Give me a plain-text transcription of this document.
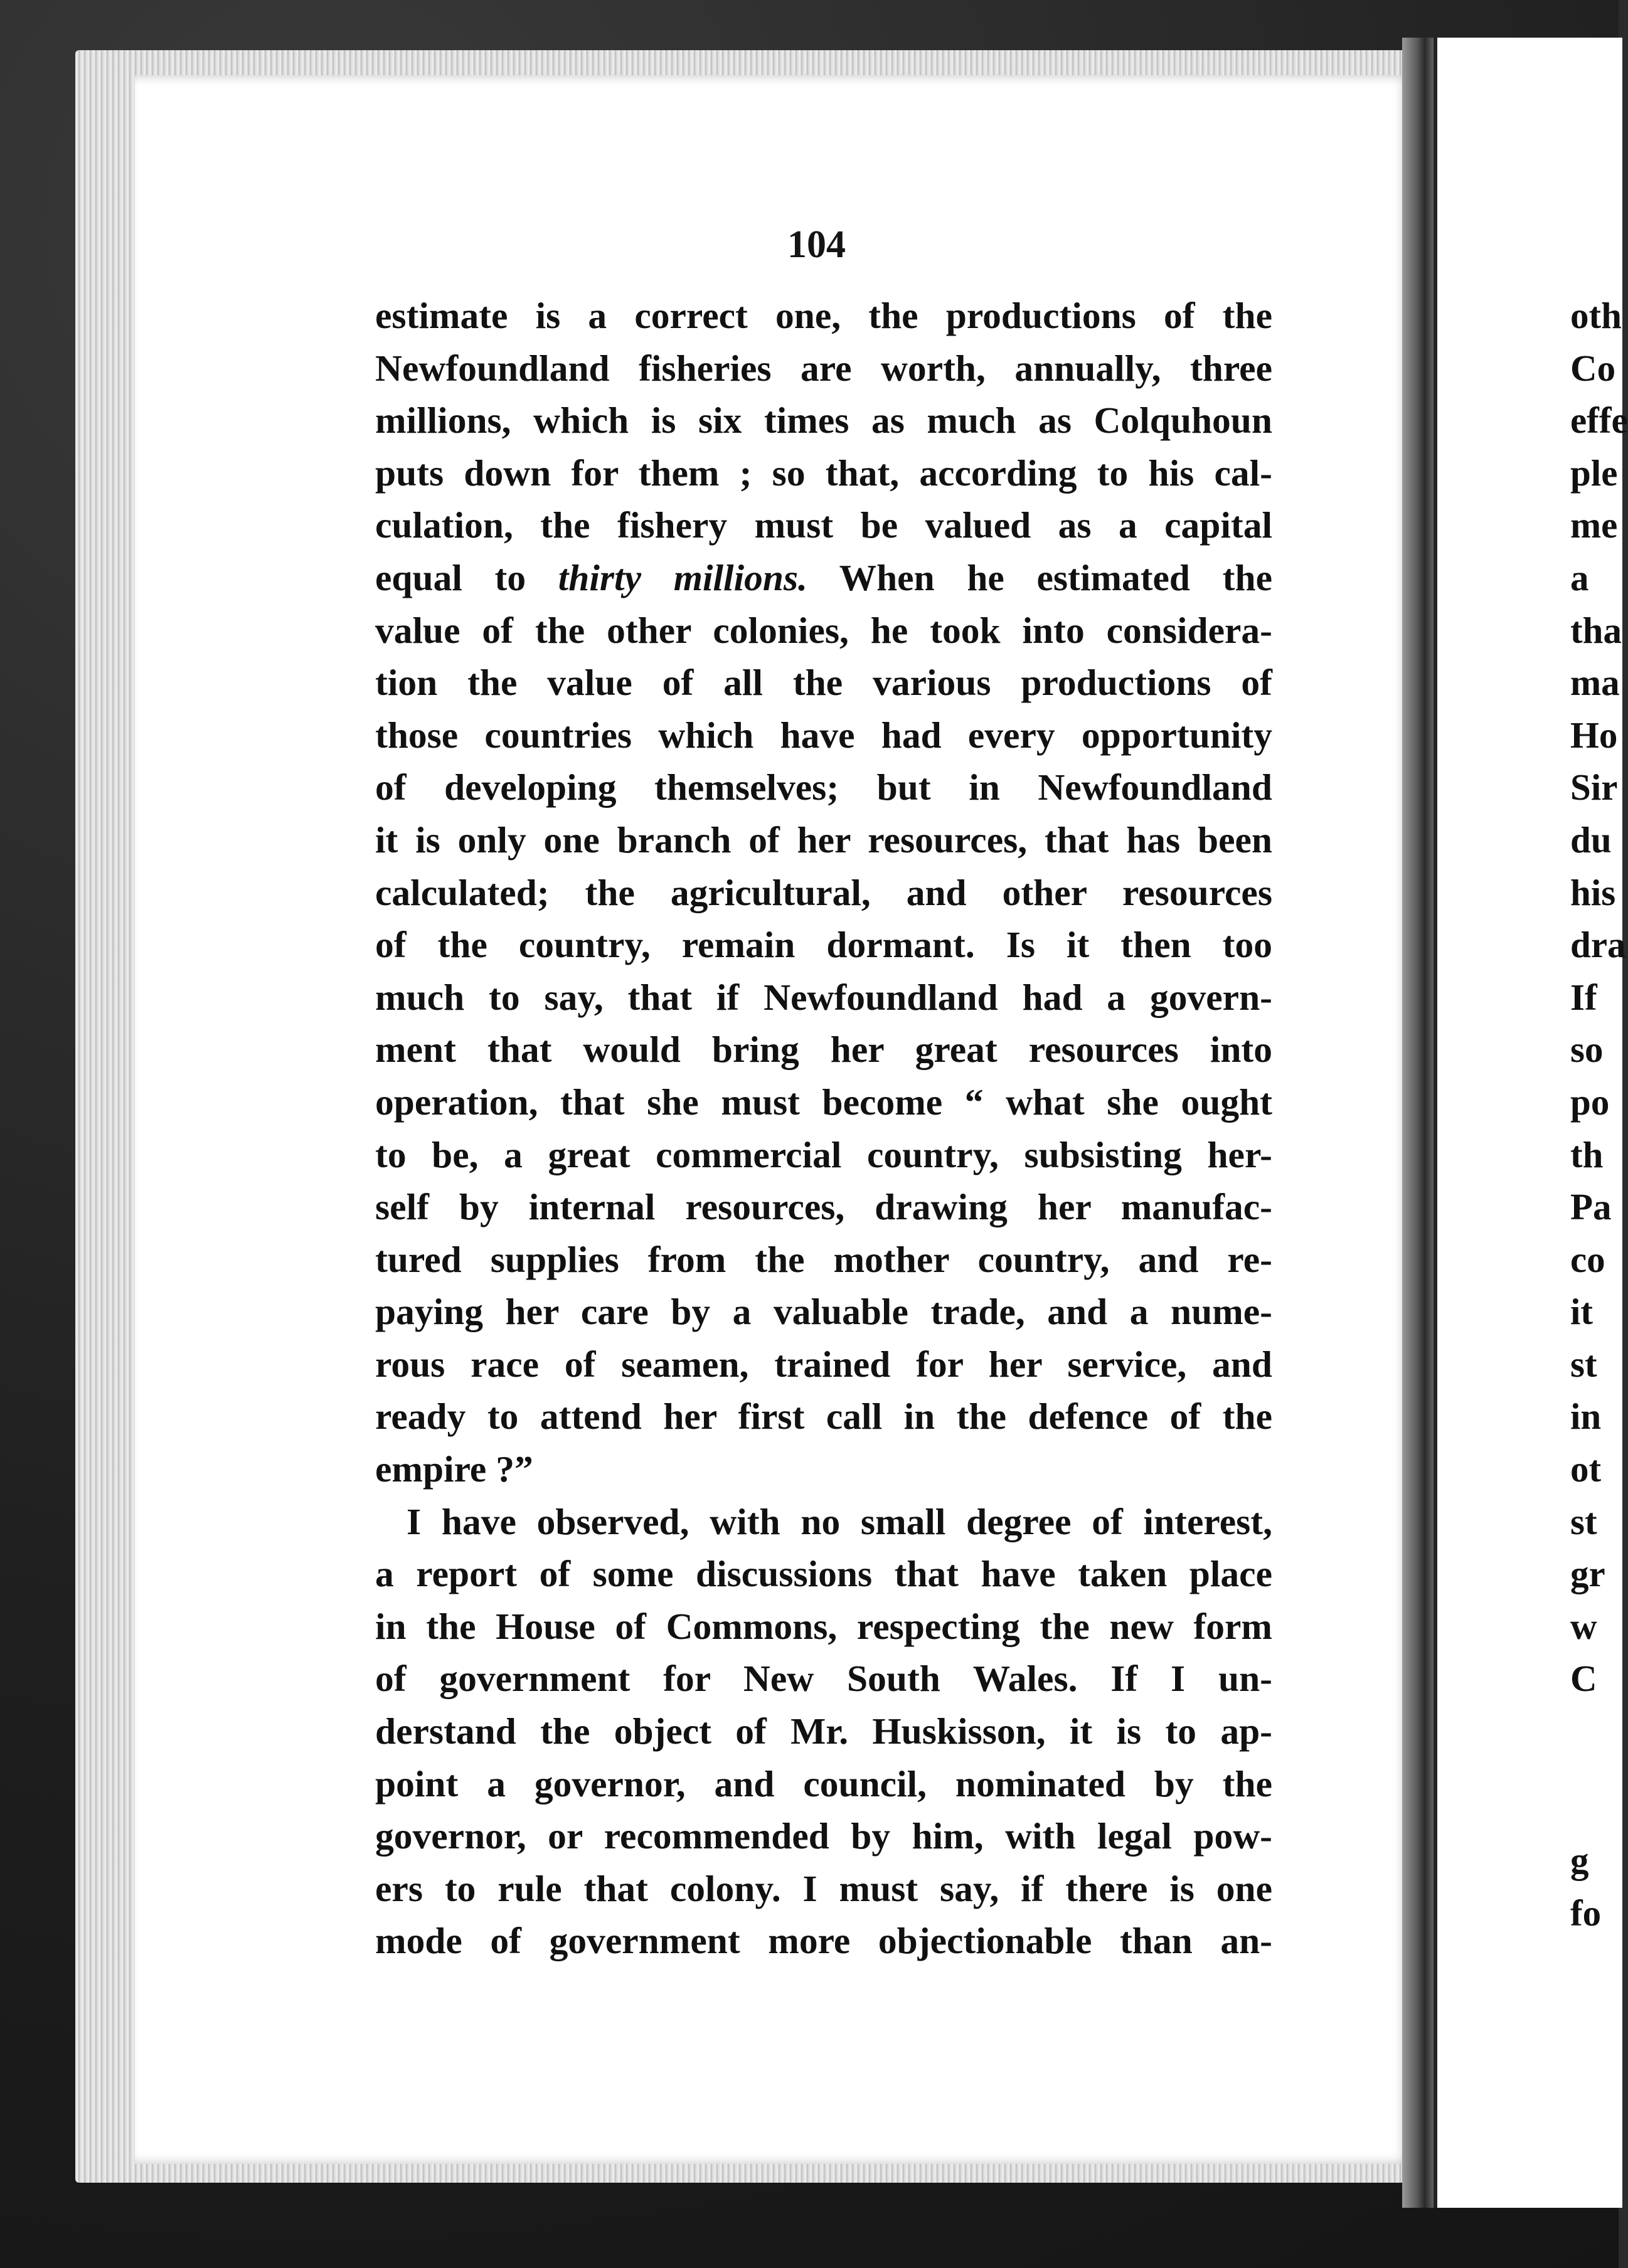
104
estimate is a correct one, the productions of the
Newfoundland fisheries are worth, annually, three
millions, which is six times as much as Colquhoun
puts down for them ; so that, according to his cal-
culation, the fishery must be valued as a capital
equal to thirty millions. When he estimated the
value of the other colonies, he took into considera-
tion the value of all the various productions of
those countries which have had every opportunity
of developing themselves; but in Newfoundland
it is only one branch of her resources, that has been
calculated; the agricultural, and other resources
of the country, remain dormant. Is it then too
much to say, that if Newfoundland had a govern-
ment that would bring her great resources into
operation, that she must become “ what she ought
to be, a great commercial country, subsisting her-
self by internal resources, drawing her manufac-
tured supplies from the mother country, and re-
paying her care by a valuable trade, and a nume-
rous race of seamen, trained for her service, and
ready to attend her first call in the defence of the
empire ?”
I have observed, with no small degree of interest,
a report of some discussions that have taken place
in the House of Commons, respecting the new form
of government for New South Wales. If I un-
derstand the object of Mr. Huskisson, it is to ap-
point a governor, and council, nominated by the
governor, or recommended by him, with legal pow-
ers to rule that colony. I must say, if there is one
mode of government more objectionable than an-
oth
Co
effe
ple
me
a
tha
ma
Ho
Sir
du
his
dra
If
so
po
th
Pa
co
it
st
in
ot
st
gr
w
C
g
fo
